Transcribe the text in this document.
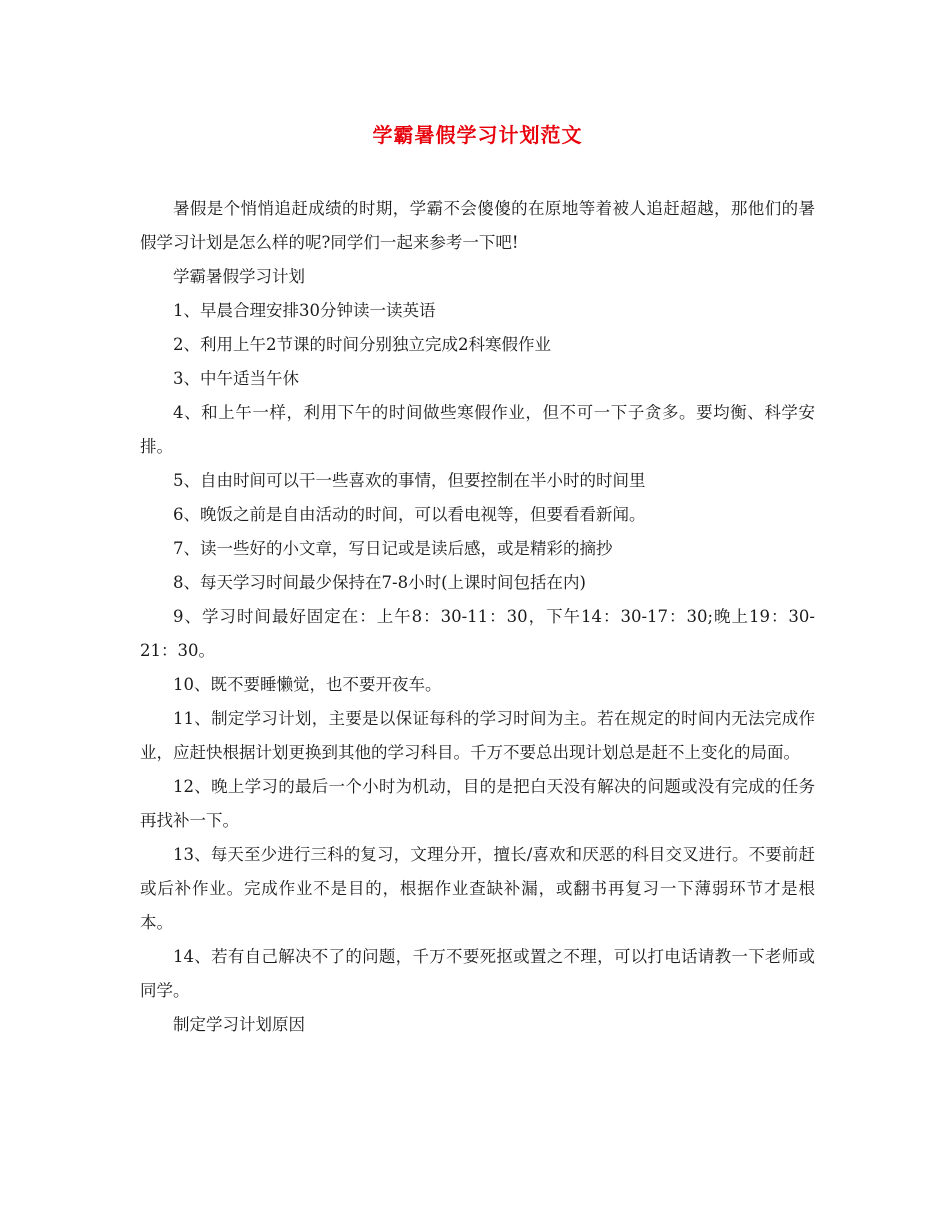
学霸暑假学习计划范文

暑假是个悄悄追赶成绩的时期，学霸不会傻傻的在原地等着被人追赶超越，那他们的暑假学习计划是怎么样的呢?同学们一起来参考一下吧!

学霸暑假学习计划

1、早晨合理安排30分钟读一读英语

2、利用上午2节课的时间分别独立完成2科寒假作业

3、中午适当午休

4、和上午一样，利用下午的时间做些寒假作业，但不可一下子贪多。要均衡、科学安排。

5、自由时间可以干一些喜欢的事情，但要控制在半小时的时间里

6、晚饭之前是自由活动的时间，可以看电视等，但要看看新闻。

7、读一些好的小文章，写日记或是读后感，或是精彩的摘抄

8、每天学习时间最少保持在7-8小时(上课时间包括在内)

9、学习时间最好固定在：上午8：30-11：30，下午14：30-17：30;晚上19：30-21：30。

10、既不要睡懒觉，也不要开夜车。

11、制定学习计划，主要是以保证每科的学习时间为主。若在规定的时间内无法完成作业，应赶快根据计划更换到其他的学习科目。千万不要总出现计划总是赶不上变化的局面。

12、晚上学习的最后一个小时为机动，目的是把白天没有解决的问题或没有完成的任务再找补一下。

13、每天至少进行三科的复习，文理分开，擅长/喜欢和厌恶的科目交叉进行。不要前赶或后补作业。完成作业不是目的，根据作业查缺补漏，或翻书再复习一下薄弱环节才是根本。

14、若有自己解决不了的问题，千万不要死抠或置之不理，可以打电话请教一下老师或同学。

制定学习计划原因
